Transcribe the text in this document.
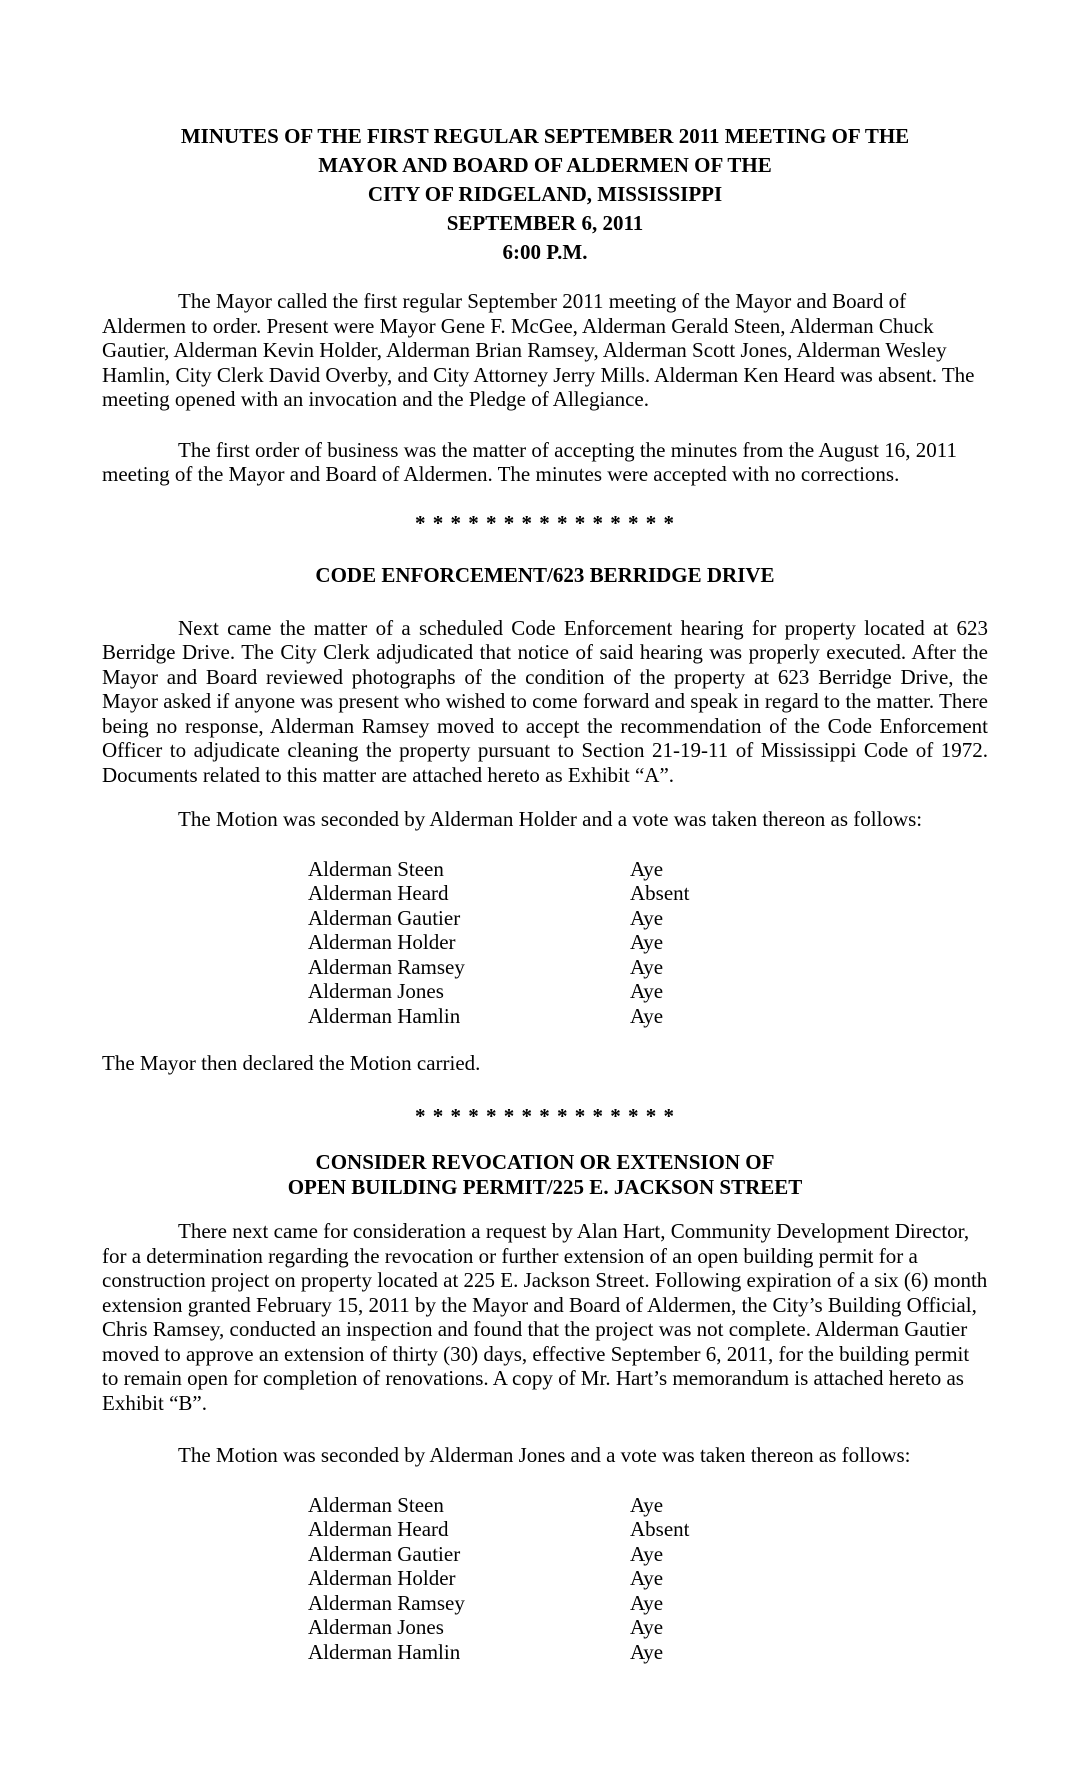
MINUTES OF THE FIRST REGULAR SEPTEMBER 2011 MEETING OF THE
MAYOR AND BOARD OF ALDERMEN OF THE
CITY OF RIDGELAND, MISSISSIPPI
SEPTEMBER 6, 2011
6:00 P.M.
The Mayor called the first regular September 2011 meeting of the Mayor and Board of Aldermen to order. Present were Mayor Gene F. McGee, Alderman Gerald Steen, Alderman Chuck Gautier, Alderman Kevin Holder, Alderman Brian Ramsey, Alderman Scott Jones, Alderman Wesley Hamlin, City Clerk David Overby, and City Attorney Jerry Mills. Alderman Ken Heard was absent. The meeting opened with an invocation and the Pledge of Allegiance.
The first order of business was the matter of accepting the minutes from the August 16, 2011 meeting of the Mayor and Board of Aldermen. The minutes were accepted with no corrections.
* * * * * * * * * * * * * * *
CODE ENFORCEMENT/623 BERRIDGE DRIVE
Next came the matter of a scheduled Code Enforcement hearing for property located at 623 Berridge Drive. The City Clerk adjudicated that notice of said hearing was properly executed. After the Mayor and Board reviewed photographs of the condition of the property at 623 Berridge Drive, the Mayor asked if anyone was present who wished to come forward and speak in regard to the matter. There being no response, Alderman Ramsey moved to accept the recommendation of the Code Enforcement Officer to adjudicate cleaning the property pursuant to Section 21-19-11 of Mississippi Code of 1972. Documents related to this matter are attached hereto as Exhibit “A”.
The Motion was seconded by Alderman Holder and a vote was taken thereon as follows:
Alderman Steen	Aye
Alderman Heard	Absent
Alderman Gautier	Aye
Alderman Holder	Aye
Alderman Ramsey	Aye
Alderman Jones	Aye
Alderman Hamlin	Aye
The Mayor then declared the Motion carried.
* * * * * * * * * * * * * * *
CONSIDER REVOCATION OR EXTENSION OF
OPEN BUILDING PERMIT/225 E. JACKSON STREET
There next came for consideration a request by Alan Hart, Community Development Director, for a determination regarding the revocation or further extension of an open building permit for a construction project on property located at 225 E. Jackson Street. Following expiration of a six (6) month extension granted February 15, 2011 by the Mayor and Board of Aldermen, the City’s Building Official, Chris Ramsey, conducted an inspection and found that the project was not complete. Alderman Gautier moved to approve an extension of thirty (30) days, effective September 6, 2011, for the building permit to remain open for completion of renovations. A copy of Mr. Hart’s memorandum is attached hereto as Exhibit “B”.
The Motion was seconded by Alderman Jones and a vote was taken thereon as follows:
Alderman Steen	Aye
Alderman Heard	Absent
Alderman Gautier	Aye
Alderman Holder	Aye
Alderman Ramsey	Aye
Alderman Jones	Aye
Alderman Hamlin	Aye
